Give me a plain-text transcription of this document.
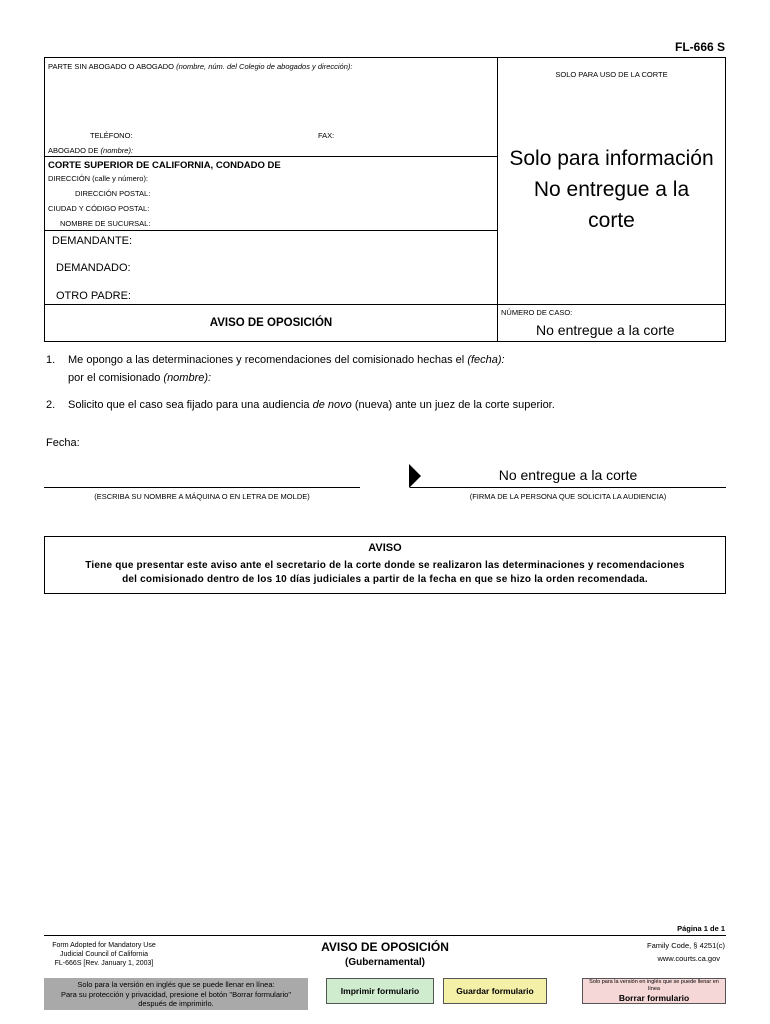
FL-666 S
PARTE SIN ABOGADO O ABOGADO (nombre, núm. del Colegio de abogados y dirección):
SOLO PARA USO DE LA CORTE
TELÉFONO:	FAX:
ABOGADO DE (nombre):
CORTE SUPERIOR DE CALIFORNIA, CONDADO DE
DIRECCIÓN (calle y número):
DIRECCIÓN POSTAL:
CIUDAD Y CÓDIGO POSTAL:
NOMBRE DE SUCURSAL:
Solo para información
No entregue a la
corte
DEMANDANTE:
DEMANDADO:
OTRO PADRE:
AVISO DE OPOSICIÓN
NÚMERO DE CASO:
No entregue a la corte
1. Me opongo a las determinaciones y recomendaciones del comisionado hechas el (fecha):
por el comisionado (nombre):
2. Solicito que el caso sea fijado para una audiencia de novo (nueva) ante un juez de la corte superior.
Fecha:
No entregue a la corte
(ESCRIBA SU NOMBRE A MÁQUINA O EN LETRA DE MOLDE)	(FIRMA DE LA PERSONA QUE SOLICITA LA AUDIENCIA)
AVISO
Tiene que presentar este aviso ante el secretario de la corte donde se realizaron las determinaciones y recomendaciones
del comisionado dentro de los 10 días judiciales a partir de la fecha en que se hizo la orden recomendada.
Página 1 de 1
Form Adopted for Mandatory Use
Judicial Council of California
FL-666S [Rev. January 1, 2003]
AVISO DE OPOSICIÓN
(Gubernamental)
Family Code, § 4251(c)
www.courts.ca.gov
Solo para la versión en inglés que se puede llenar en línea:
Para su protección y privacidad, presione el botón "Borrar formulario"
después de imprimirlo.
Imprimir formulario	Guardar formulario
Solo para la versión en inglés que se puede llenar en línea
Borrar formulario
